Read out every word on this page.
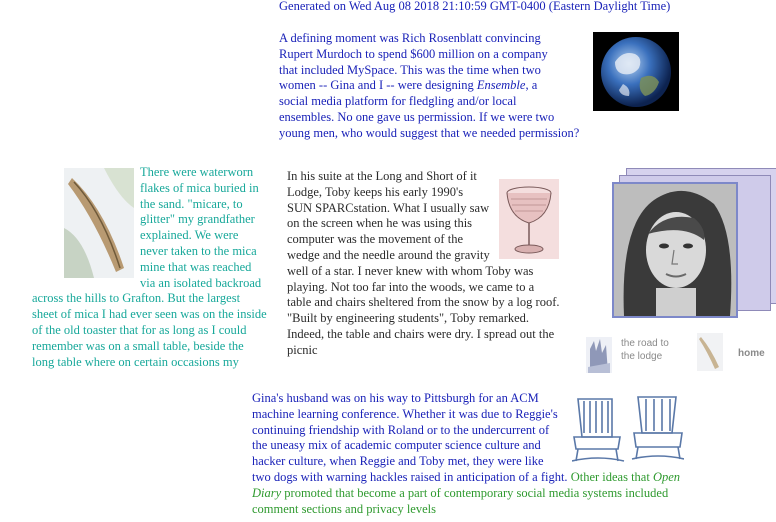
Generated on Wed Aug 08 2018 21:10:59 GMT-0400 (Eastern Daylight Time)

A defining moment was Rich Rosenblatt convincing Rupert Murdoch to spend $600 million on a company that included MySpace. This was the time when two women -- Gina and I -- were designing Ensemble, a social media platform for fledgling and/or local ensembles. No one gave us permission. If we were two young men, who would suggest that we needed permission?

There were waterworn flakes of mica buried in the sand. "micare, to glitter" my grandfather explained. We were never taken to the mica mine that was reached via an isolated backroad across the hills to Grafton. But the largest sheet of mica I had ever seen was on the inside of the old toaster that for as long as I could remember was on a small table, beside the long table where on certain occasions my

In his suite at the Long and Short of it Lodge, Toby keeps his early 1990's SUN SPARCstation. What I usually saw on the screen when he was using this computer was the movement of the wedge and the needle around the gravity well of a star. I never knew with whom Toby was playing. Not too far into the woods, we came to a table and chairs sheltered from the snow by a log roof. "Built by engineering students", Toby remarked. Indeed, the table and chairs were dry. I spread out the picnic	the road to the lodge	home

Gina's husband was on his way to Pittsburgh for an ACM machine learning conference. Whether it was due to Reggie's continuing friendship with Roland or to the undercurrent of the uneasy mix of academic computer science culture and hacker culture, when Reggie and Toby met, they were like two dogs with warning hackles raised in anticipation of a fight. Other ideas that Open Diary promoted that become a part of contemporary social media systems included comment sections and privacy levels
